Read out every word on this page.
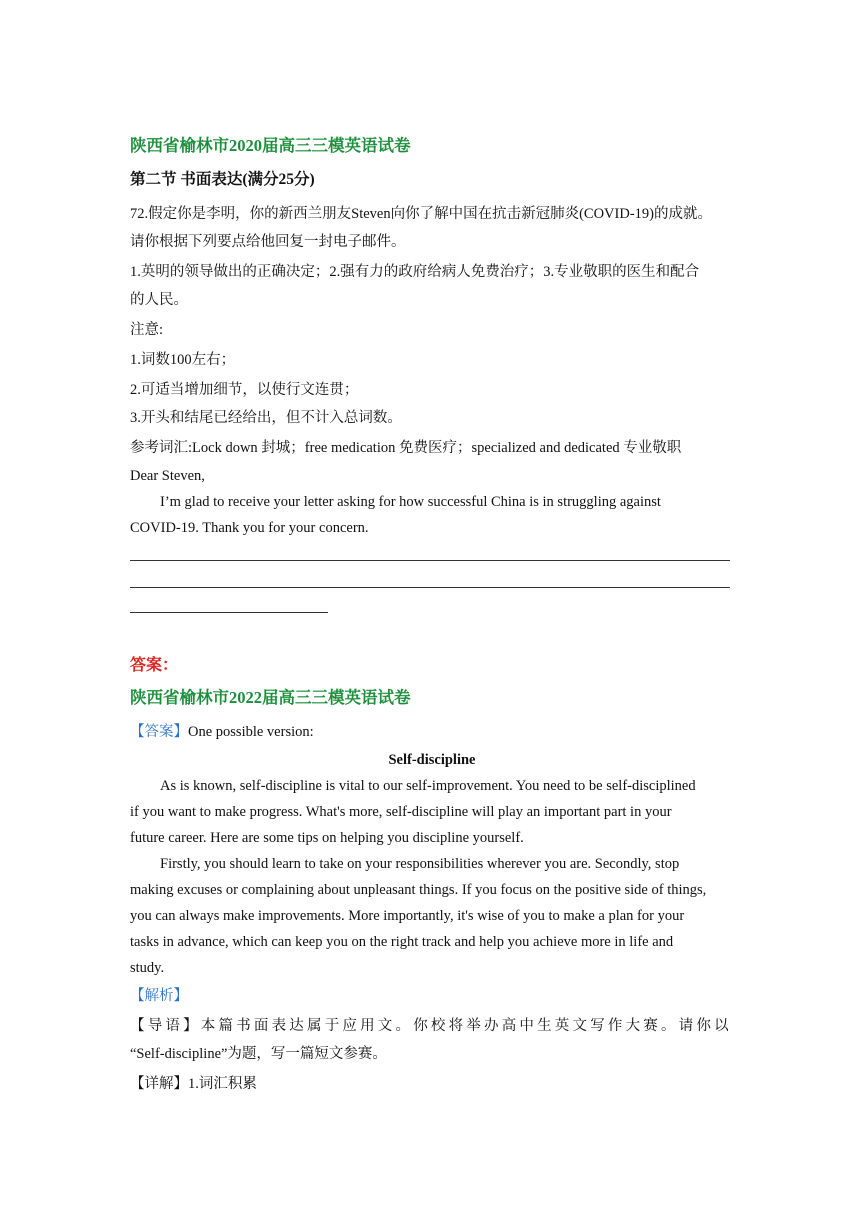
陕西省榆林市2020届高三三模英语试卷
第二节 书面表达(满分25分)
72.假定你是李明，你的新西兰朋友Steven向你了解中国在抗击新冠肺炎(COVID-19)的成就。
请你根据下列要点给他回复一封电子邮件。
1.英明的领导做出的正确决定；2.强有力的政府给病人免费治疗；3.专业敬职的医生和配合
的人民。
注意:
1.词数100左右；
2.可适当增加细节，以使行文连贯；
3.开头和结尾已经给出，但不计入总词数。
参考词汇:Lock down 封城；free medication 免费医疗；specialized and dedicated 专业敬职
Dear Steven,
I’m glad to receive your letter asking for how successful China is in struggling against
COVID-19. Thank you for your concern.
答案：
陕西省榆林市2022届高三三模英语试卷
【答案】One possible version:
Self-discipline
As is known, self-discipline is vital to our self-improvement. You need to be self-disciplined
if you want to make progress. What's more, self-discipline will play an important part in your
future career. Here are some tips on helping you discipline yourself.
Firstly, you should learn to take on your responsibilities wherever you are. Secondly, stop
making excuses or complaining about unpleasant things. If you focus on the positive side of things,
you can always make improvements. More importantly, it's wise of you to make a plan for your
tasks in advance, which can keep you on the right track and help you achieve more in life and
study.
【解析】
【导语】本篇书面表达属于应用文。你校将举办高中生英文写作大赛。请你以
“Self-discipline”为题，写一篇短文参赛。
【详解】1.词汇积累
